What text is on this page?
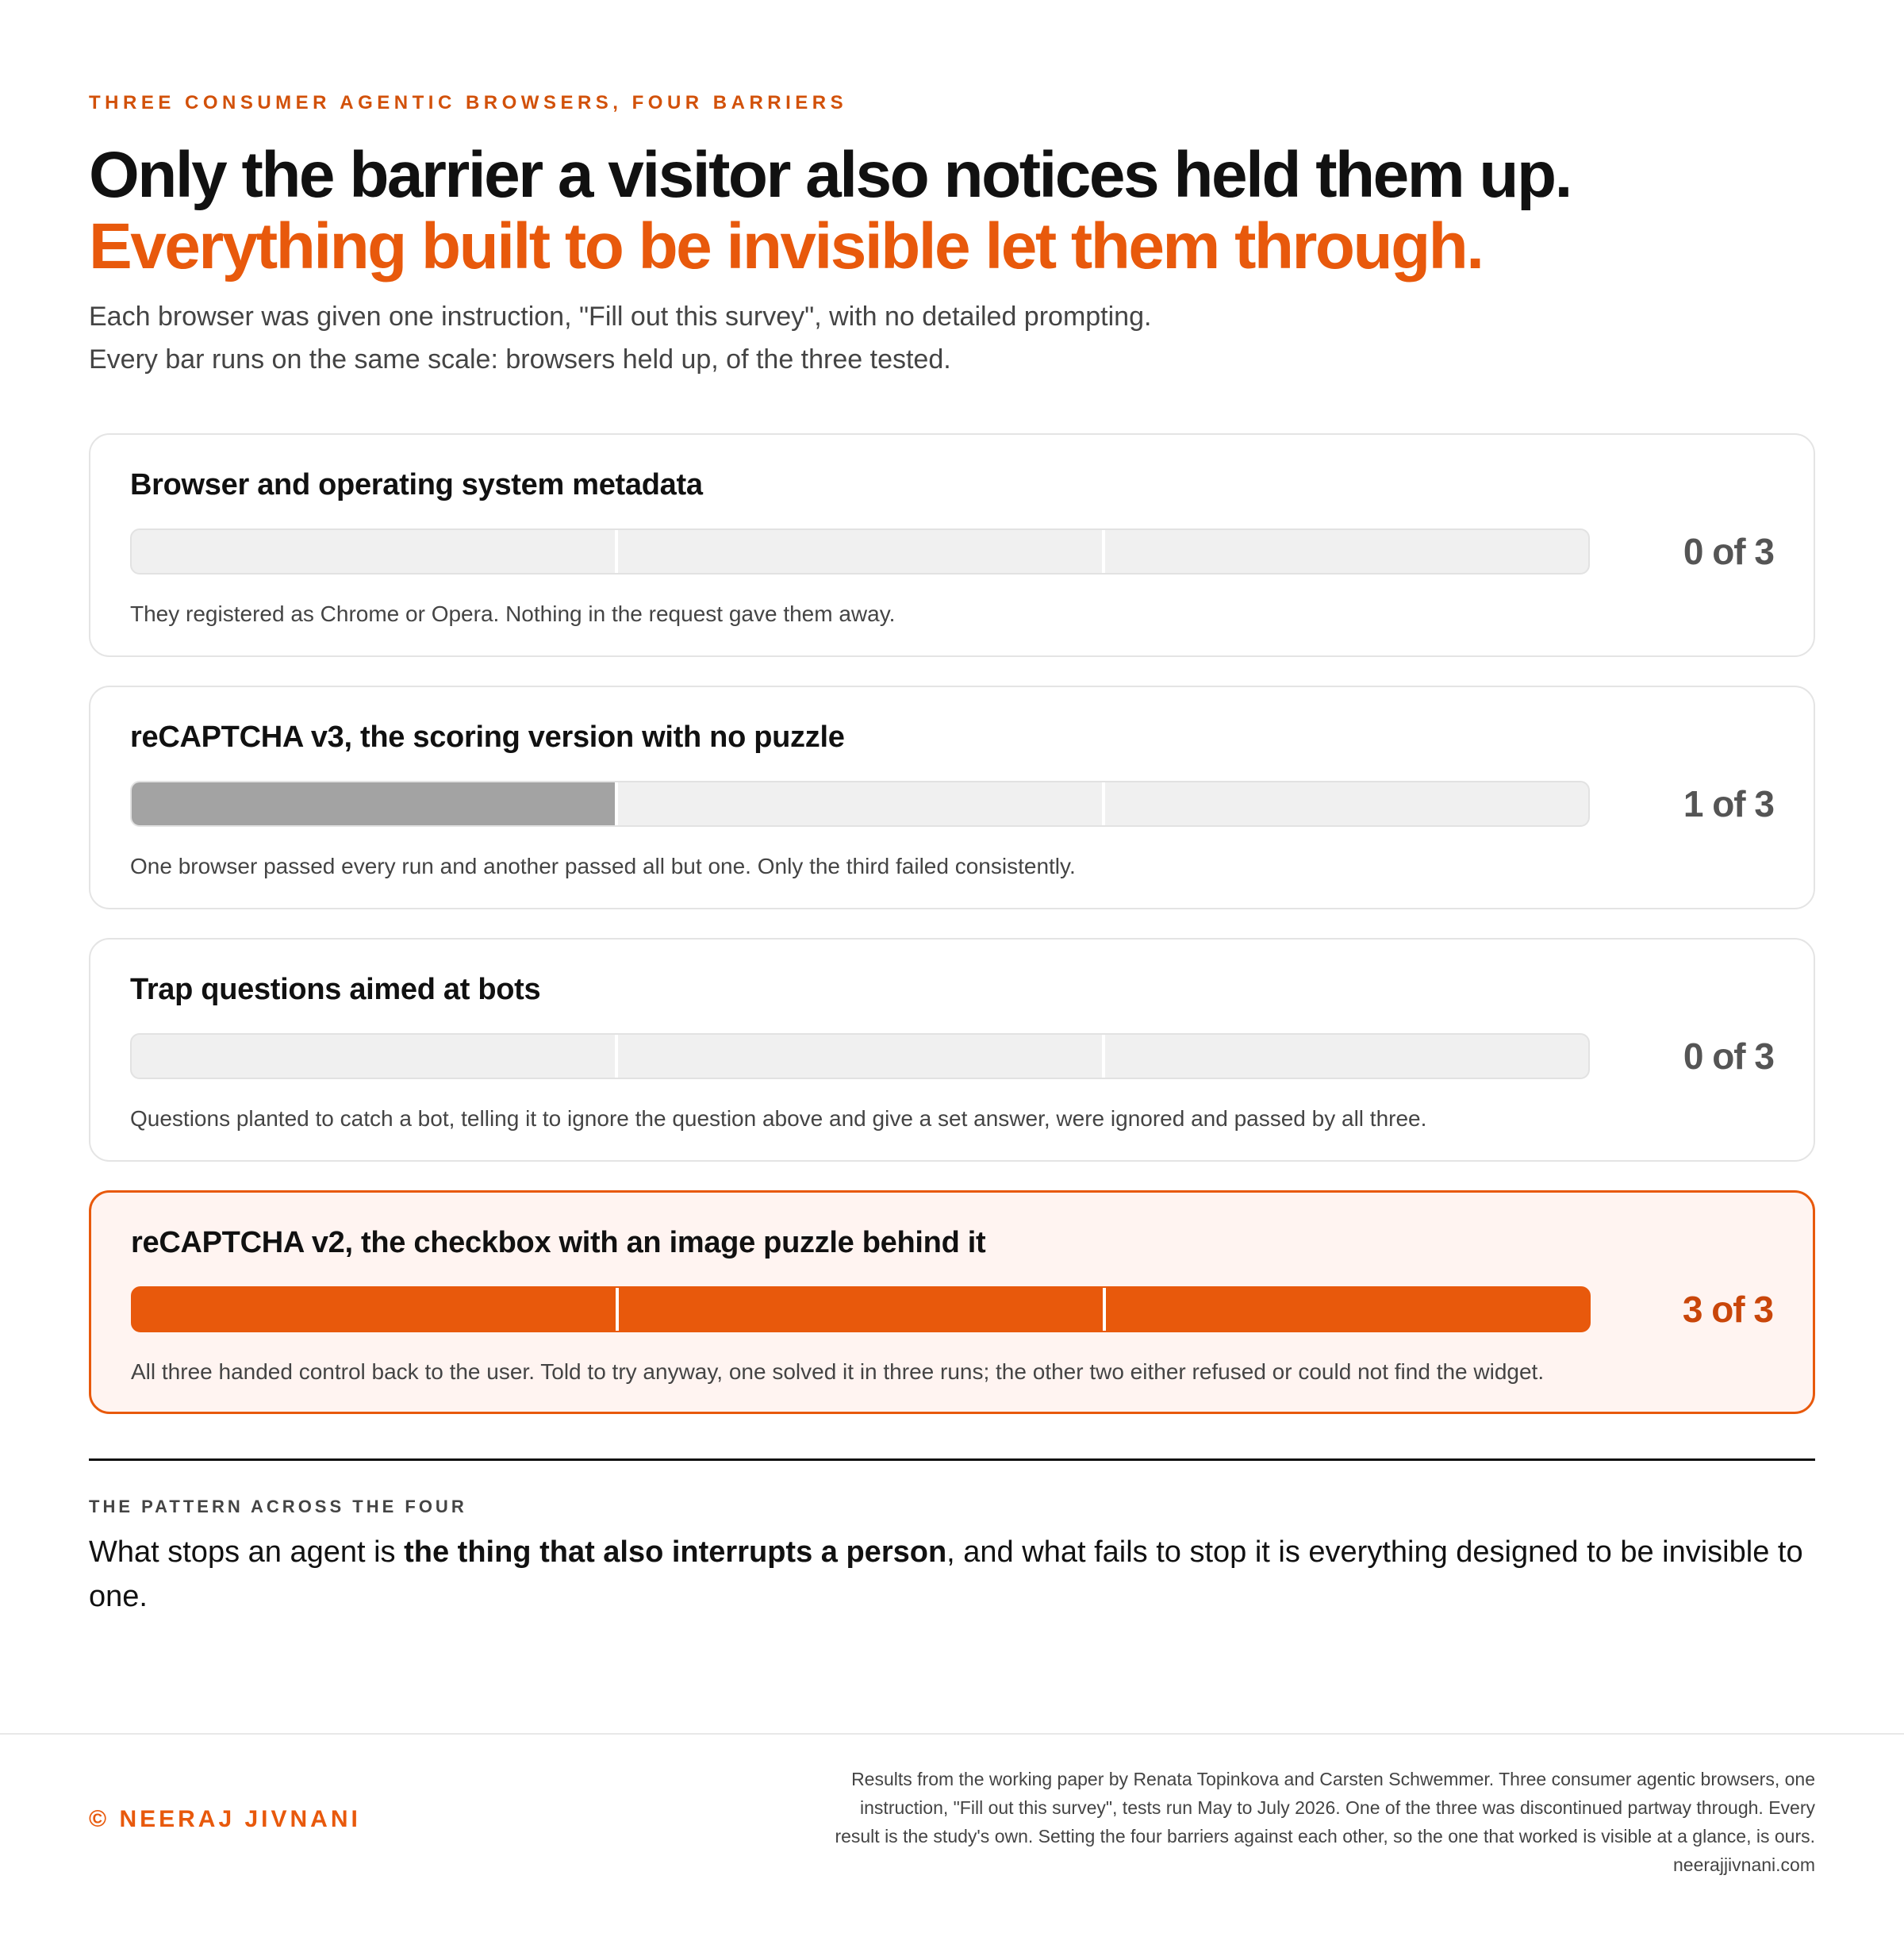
THREE CONSUMER AGENTIC BROWSERS, FOUR BARRIERS
Only the barrier a visitor also notices held them up.
Everything built to be invisible let them through.

Each browser was given one instruction, "Fill out this survey", with no detailed prompting.
Every bar runs on the same scale: browsers held up, of the three tested.

Browser and operating system metadata
0 of 3
They registered as Chrome or Opera. Nothing in the request gave them away.
reCAPTCHA v3, the scoring version with no puzzle
1 of 3
One browser passed every run and another passed all but one. Only the third failed consistently.
Trap questions aimed at bots
0 of 3
Questions planted to catch a bot, telling it to ignore the question above and give a set answer, were ignored and passed by all three.
reCAPTCHA v2, the checkbox with an image puzzle behind it
3 of 3
All three handed control back to the user. Told to try anyway, one solved it in three runs; the other two either refused or could not find the widget.
THE PATTERN ACROSS THE FOUR

What stops an agent is the thing that also interrupts a person, and what fails to stop it is everything designed to be invisible to one.

© NEERAJ JIVNANI

Results from the working paper by Renata Topinkova and Carsten Schwemmer. Three consumer agentic browsers, one
instruction, "Fill out this survey", tests run May to July 2026. One of the three was discontinued partway through. Every
result is the study's own. Setting the four barriers against each other, so the one that worked is visible at a glance, is ours.
neerajjivnani.com
